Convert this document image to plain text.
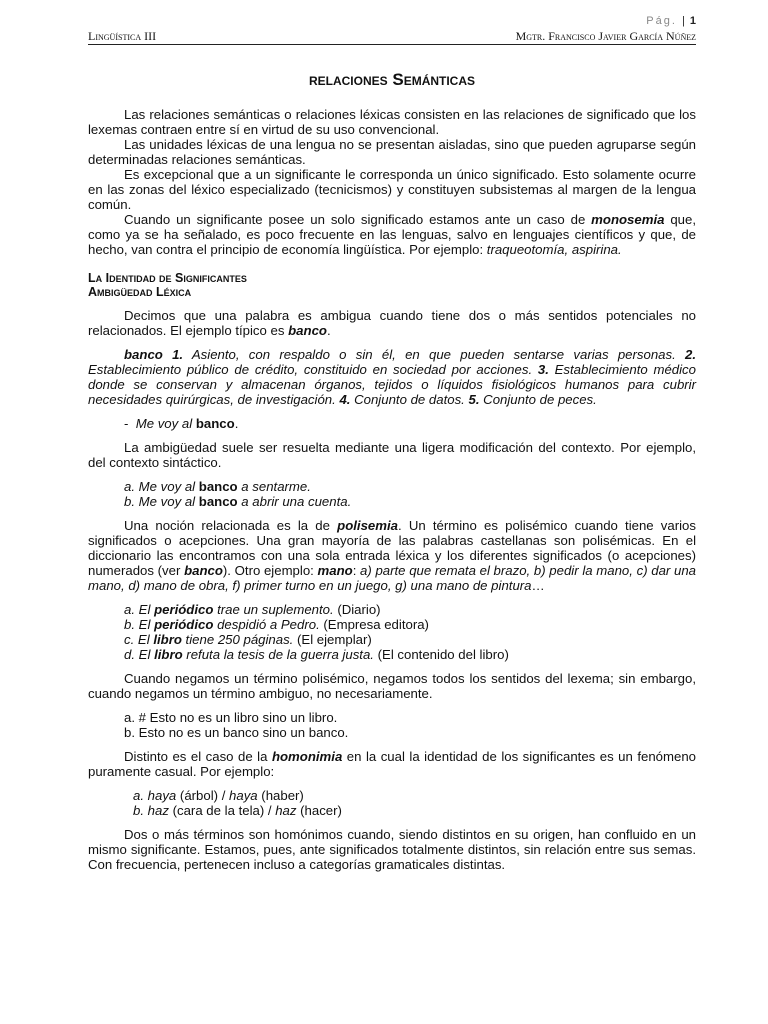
Pág. | 1
Lingüística III	Mgtr. Francisco Javier García Núñez
relaciones Semánticas

Las relaciones semánticas o relaciones léxicas consisten en las relaciones de significado que los lexemas contraen entre sí en virtud de su uso convencional.

Las unidades léxicas de una lengua no se presentan aisladas, sino que pueden agruparse según determinadas relaciones semánticas.

Es excepcional que a un significante le corresponda un único significado. Esto solamente ocurre en las zonas del léxico especializado (tecnicismos) y constituyen subsistemas al margen de la lengua común.

Cuando un significante posee un solo significado estamos ante un caso de monosemia que, como ya se ha señalado, es poco frecuente en las lenguas, salvo en lenguajes científicos y que, de hecho, van contra el principio de economía lingüística. Por ejemplo: traqueotomía, aspirina.

La Identidad de Significantes
Ambigüedad Léxica

Decimos que una palabra es ambigua cuando tiene dos o más sentidos potenciales no relacionados. El ejemplo típico es banco.

banco 1. Asiento, con respaldo o sin él, en que pueden sentarse varias personas. 2. Establecimiento público de crédito, constituido en sociedad por acciones. 3. Establecimiento médico donde se conservan y almacenan órganos, tejidos o líquidos fisiológicos humanos para cubrir necesidades quirúrgicas, de investigación. 4. Conjunto de datos. 5. Conjunto de peces.

- Me voy al banco.

La ambigüedad suele ser resuelta mediante una ligera modificación del contexto. Por ejemplo, del contexto sintáctico.

a. Me voy al banco a sentarme.

b. Me voy al banco a abrir una cuenta.

Una noción relacionada es la de polisemia. Un término es polisémico cuando tiene varios significados o acepciones. Una gran mayoría de las palabras castellanas son polisémicas. En el diccionario las encontramos con una sola entrada léxica y los diferentes significados (o acepciones) numerados (ver banco). Otro ejemplo: mano: a) parte que remata el brazo, b) pedir la mano, c) dar una mano, d) mano de obra, f) primer turno en un juego, g) una mano de pintura…

a. El periódico trae un suplemento. (Diario)

b. El periódico despidió a Pedro. (Empresa editora)

c. El libro tiene 250 páginas. (El ejemplar)

d. El libro refuta la tesis de la guerra justa. (El contenido del libro)

Cuando negamos un término polisémico, negamos todos los sentidos del lexema; sin embargo, cuando negamos un término ambiguo, no necesariamente.

a. # Esto no es un libro sino un libro.

b. Esto no es un banco sino un banco.

Distinto es el caso de la homonimia en la cual la identidad de los significantes es un fenómeno puramente casual. Por ejemplo:

a. haya (árbol) / haya (haber)

b. haz (cara de la tela) / haz (hacer)

Dos o más términos son homónimos cuando, siendo distintos en su origen, han confluido en un mismo significante. Estamos, pues, ante significados totalmente distintos, sin relación entre sus semas. Con frecuencia, pertenecen incluso a categorías gramaticales distintas.
